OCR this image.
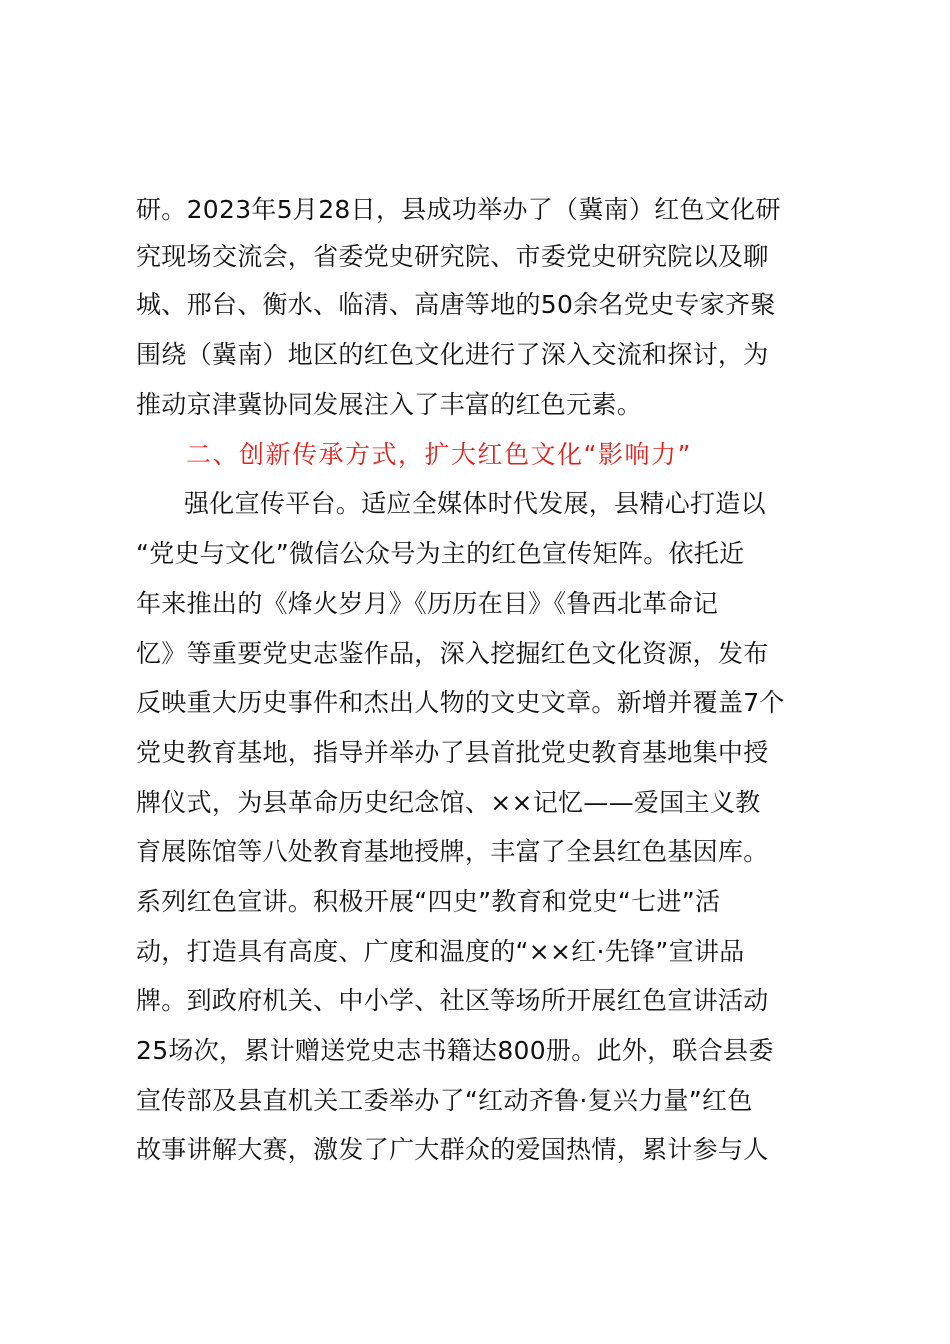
研。2023年5月28日，县成功举办了（冀南）红色文化研
究现场交流会，省委党史研究院、市委党史研究院以及聊
城、邢台、衡水、临清、高唐等地的50余名党史专家齐聚
围绕（冀南）地区的红色文化进行了深入交流和探讨，为
推动京津冀协同发展注入了丰富的红色元素。
二、创新传承方式，扩大红色文化“影响力”
强化宣传平台。适应全媒体时代发展，县精心打造以
“党史与文化”微信公众号为主的红色宣传矩阵。依托近
年来推出的《烽火岁月》《历历在目》《鲁西北革命记
忆》等重要党史志鉴作品，深入挖掘红色文化资源，发布
反映重大历史事件和杰出人物的文史文章。新增并覆盖7个
党史教育基地，指导并举办了县首批党史教育基地集中授
牌仪式，为县革命历史纪念馆、××记忆——爱国主义教
育展陈馆等八处教育基地授牌，丰富了全县红色基因库。
系列红色宣讲。积极开展“四史”教育和党史“七进”活
动，打造具有高度、广度和温度的“××红·先锋”宣讲品
牌。到政府机关、中小学、社区等场所开展红色宣讲活动
25场次，累计赠送党史志书籍达800册。此外，联合县委
宣传部及县直机关工委举办了“红动齐鲁·复兴力量”红色
故事讲解大赛，激发了广大群众的爱国热情，累计参与人
